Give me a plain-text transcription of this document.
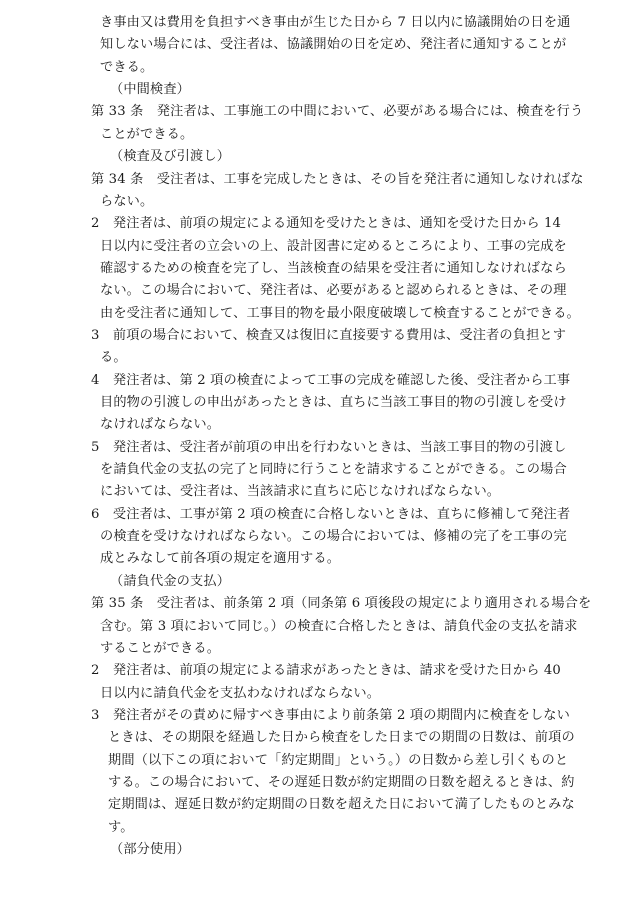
き事由又は費用を負担すべき事由が生じた日から 7 日以内に協議開始の日を通
知しない場合には、受注者は、協議開始の日を定め、発注者に通知することが
できる。
（中間検査）
第 33 条　発注者は、工事施工の中間において、必要がある場合には、検査を行う
ことができる。
（検査及び引渡し）
第 34 条　受注者は、工事を完成したときは、その旨を発注者に通知しなければな
らない。
2　発注者は、前項の規定による通知を受けたときは、通知を受けた日から 14
日以内に受注者の立会いの上、設計図書に定めるところにより、工事の完成を
確認するための検査を完了し、当該検査の結果を受注者に通知しなければなら
ない。この場合において、発注者は、必要があると認められるときは、その理
由を受注者に通知して、工事目的物を最小限度破壊して検査することができる。
3　前項の場合において、検査又は復旧に直接要する費用は、受注者の負担とす
る。
4　発注者は、第 2 項の検査によって工事の完成を確認した後、受注者から工事
目的物の引渡しの申出があったときは、直ちに当該工事目的物の引渡しを受け
なければならない。
5　発注者は、受注者が前項の申出を行わないときは、当該工事目的物の引渡し
を請負代金の支払の完了と同時に行うことを請求することができる。この場合
においては、受注者は、当該請求に直ちに応じなければならない。
6　受注者は、工事が第 2 項の検査に合格しないときは、直ちに修補して発注者
の検査を受けなければならない。この場合においては、修補の完了を工事の完
成とみなして前各項の規定を適用する。
（請負代金の支払）
第 35 条　受注者は、前条第 2 項（同条第 6 項後段の規定により適用される場合を
含む。第 3 項において同じ。）の検査に合格したときは、請負代金の支払を請求
することができる。
2　発注者は、前項の規定による請求があったときは、請求を受けた日から 40
日以内に請負代金を支払わなければならない。
3　発注者がその責めに帰すべき事由により前条第 2 項の期間内に検査をしない
ときは、その期限を経過した日から検査をした日までの期間の日数は、前項の
期間（以下この項において「約定期間」という。）の日数から差し引くものと
する。この場合において、その遅延日数が約定期間の日数を超えるときは、約
定期間は、遅延日数が約定期間の日数を超えた日において満了したものとみな
す。
（部分使用）
